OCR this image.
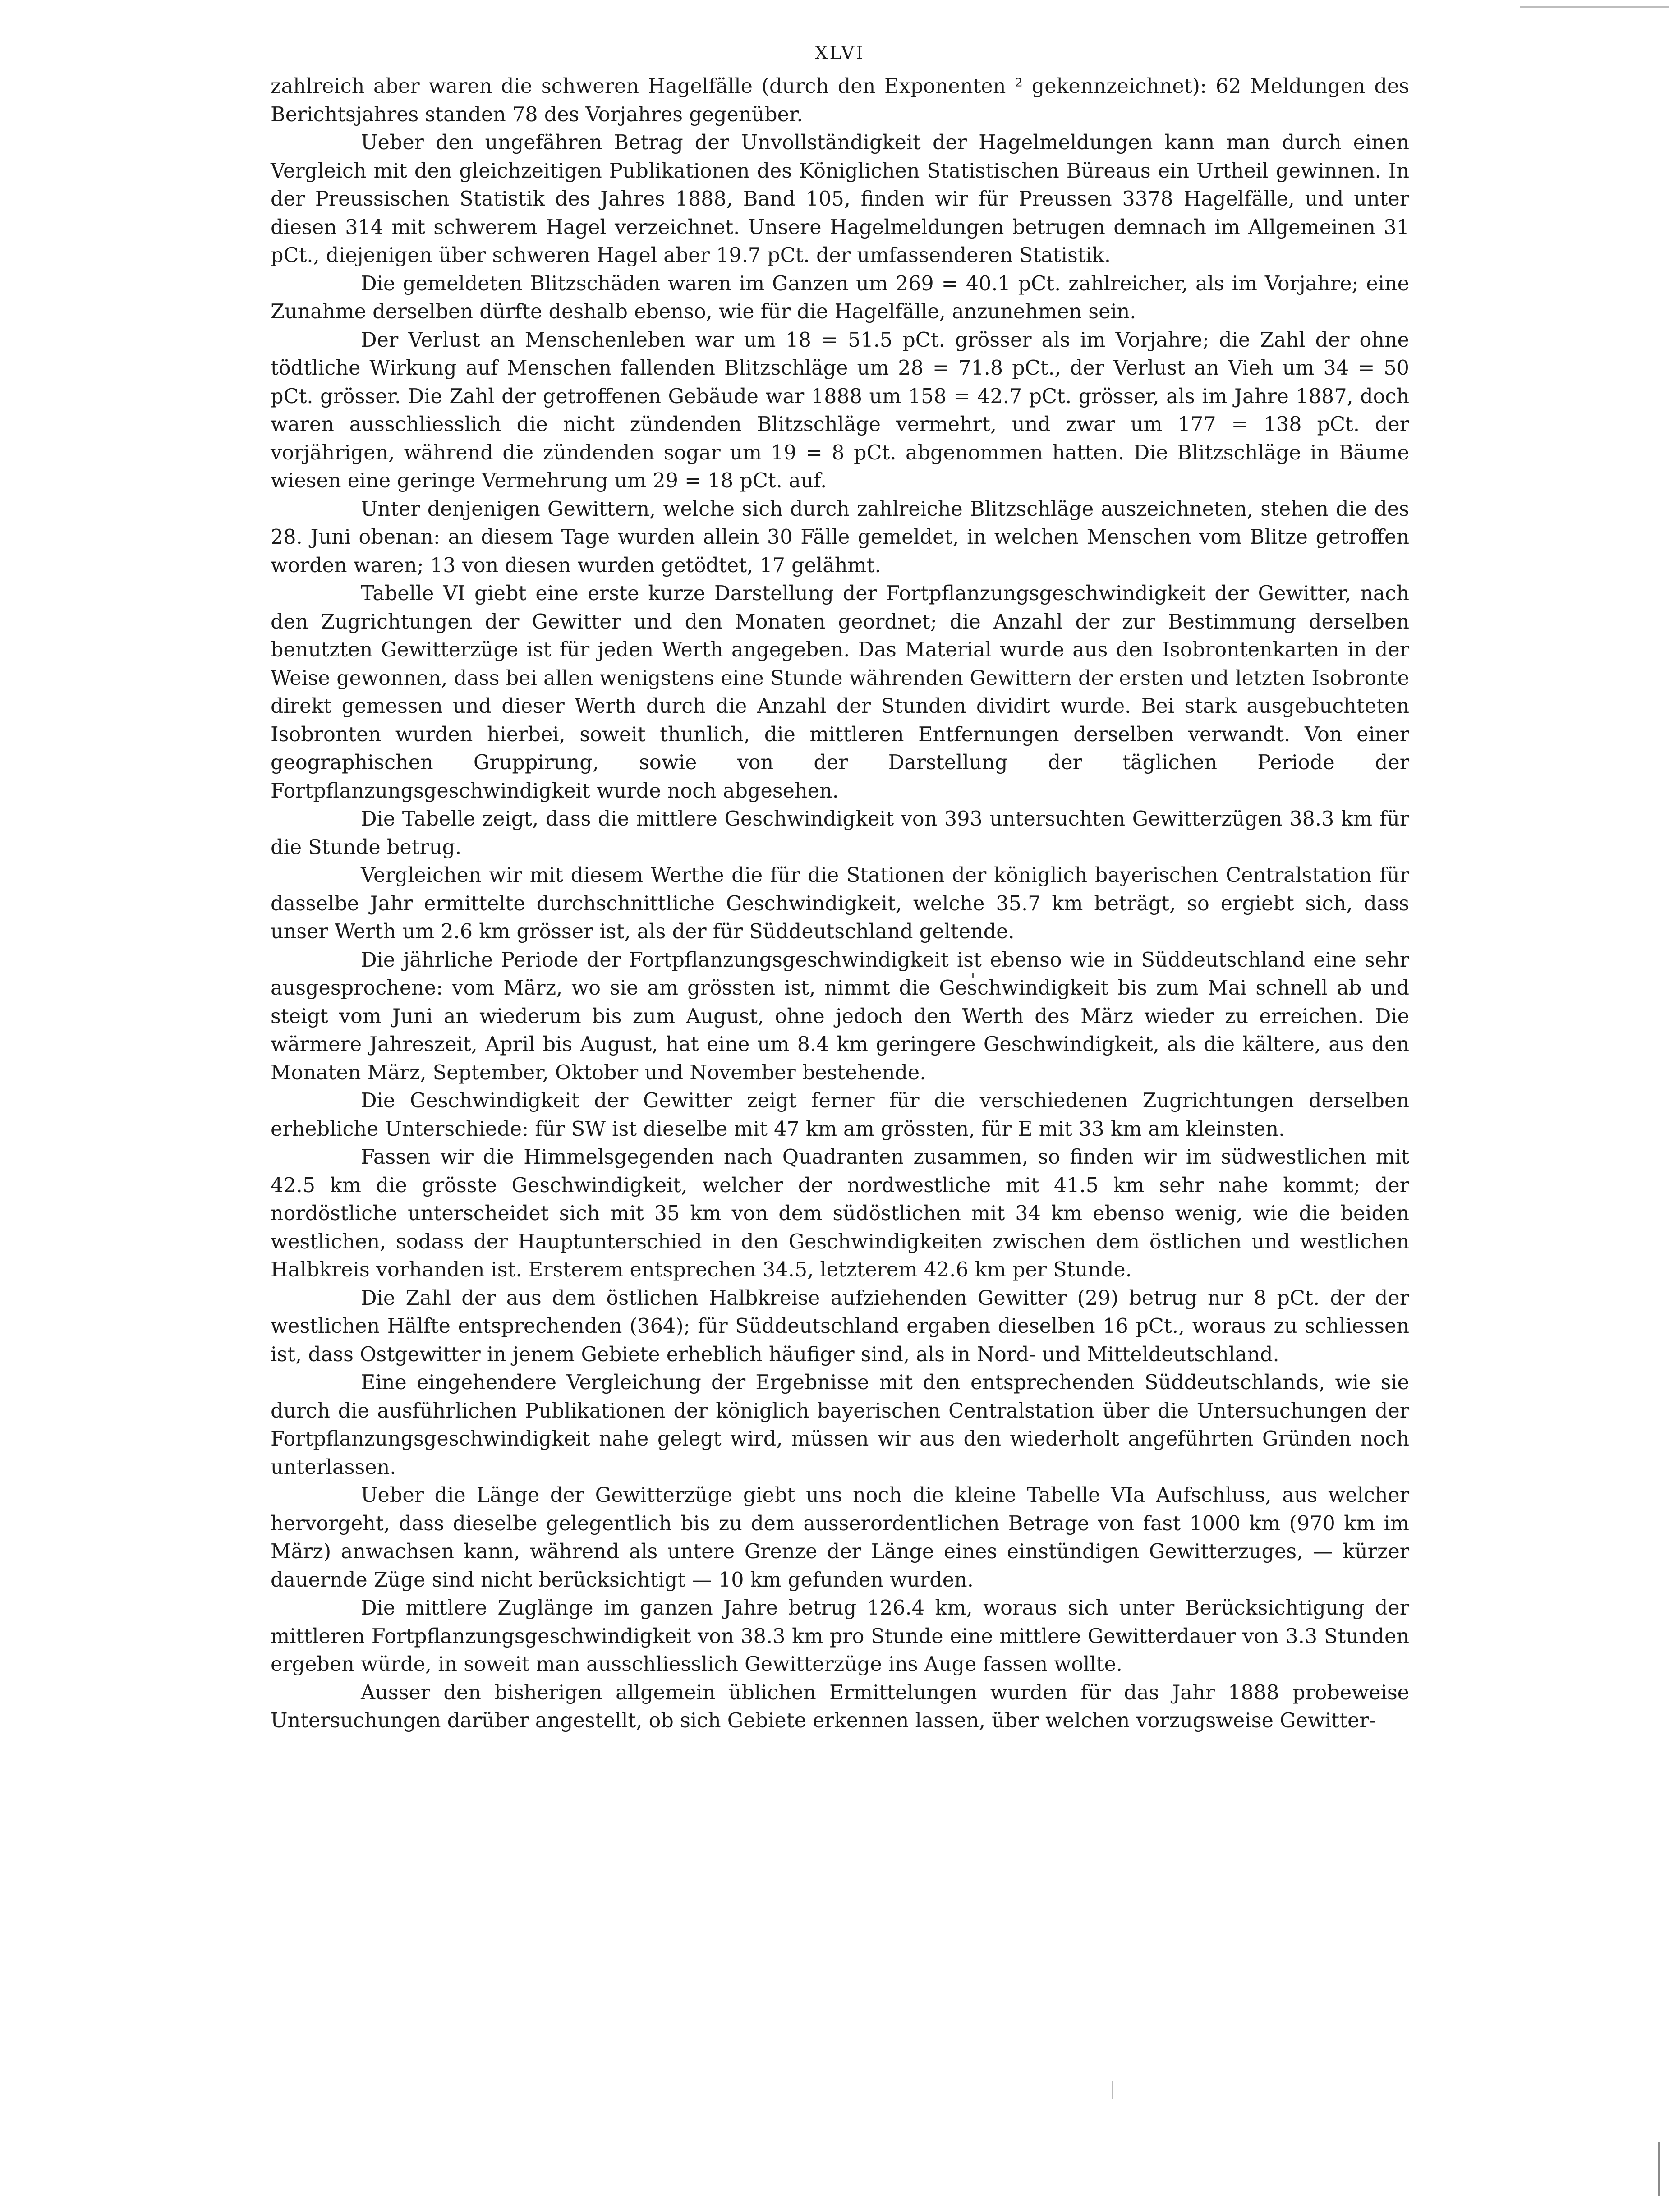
XLVI

zahlreich aber waren die schweren Hagelfälle (durch den Exponenten ² gekennzeichnet): 62 Meldungen des Berichtsjahres standen 78 des Vorjahres gegenüber.

Ueber den ungefähren Betrag der Unvollständigkeit der Hagelmeldungen kann man durch einen Vergleich mit den gleichzeitigen Publikationen des Königlichen Statistischen Büreaus ein Urtheil gewinnen. In der Preussischen Statistik des Jahres 1888, Band 105, finden wir für Preussen 3378 Hagelfälle, und unter diesen 314 mit schwerem Hagel verzeichnet. Unsere Hagelmeldungen betrugen demnach im Allgemeinen 31 pCt., diejenigen über schweren Hagel aber 19.7 pCt. der umfassenderen Statistik.

Die gemeldeten Blitzschäden waren im Ganzen um 269 = 40.1 pCt. zahlreicher, als im Vorjahre; eine Zunahme derselben dürfte deshalb ebenso, wie für die Hagelfälle, anzunehmen sein.

Der Verlust an Menschenleben war um 18 = 51.5 pCt. grösser als im Vorjahre; die Zahl der ohne tödtliche Wirkung auf Menschen fallenden Blitzschläge um 28 = 71.8 pCt., der Verlust an Vieh um 34 = 50 pCt. grösser. Die Zahl der getroffenen Gebäude war 1888 um 158 = 42.7 pCt. grösser, als im Jahre 1887, doch waren ausschliesslich die nicht zündenden Blitzschläge vermehrt, und zwar um 177 = 138 pCt. der vorjährigen, während die zündenden sogar um 19 = 8 pCt. abgenommen hatten. Die Blitzschläge in Bäume wiesen eine geringe Vermehrung um 29 = 18 pCt. auf.

Unter denjenigen Gewittern, welche sich durch zahlreiche Blitzschläge auszeichneten, stehen die des 28. Juni obenan: an diesem Tage wurden allein 30 Fälle gemeldet, in welchen Menschen vom Blitze getroffen worden waren; 13 von diesen wurden getödtet, 17 gelähmt.

Tabelle VI giebt eine erste kurze Darstellung der Fortpflanzungsgeschwindigkeit der Gewitter, nach den Zugrichtungen der Gewitter und den Monaten geordnet; die Anzahl der zur Bestimmung derselben benutzten Gewitterzüge ist für jeden Werth angegeben. Das Material wurde aus den Isobrontenkarten in der Weise gewonnen, dass bei allen wenigstens eine Stunde währenden Gewittern der ersten und letzten Isobronte direkt gemessen und dieser Werth durch die Anzahl der Stunden dividirt wurde. Bei stark ausgebuchteten Isobronten wurden hierbei, soweit thunlich, die mittleren Entfernungen derselben verwandt. Von einer geographischen Gruppirung, sowie von der Darstellung der täglichen Periode der Fortpflanzungsgeschwindigkeit wurde noch abgesehen.

Die Tabelle zeigt, dass die mittlere Geschwindigkeit von 393 untersuchten Gewitterzügen 38.3 km für die Stunde betrug.

Vergleichen wir mit diesem Werthe die für die Stationen der königlich bayerischen Centralstation für dasselbe Jahr ermittelte durchschnittliche Geschwindigkeit, welche 35.7 km beträgt, so ergiebt sich, dass unser Werth um 2.6 km grösser ist, als der für Süddeutschland geltende.

Die jährliche Periode der Fortpflanzungsgeschwindigkeit ist ebenso wie in Süddeutschland eine sehr ausgesprochene: vom März, wo sie am grössten ist, nimmt die Geschwindigkeit bis zum Mai schnell ab und steigt vom Juni an wiederum bis zum August, ohne jedoch den Werth des März wieder zu erreichen. Die wärmere Jahreszeit, April bis August, hat eine um 8.4 km geringere Geschwindigkeit, als die kältere, aus den Monaten März, September, Oktober und November bestehende.

Die Geschwindigkeit der Gewitter zeigt ferner für die verschiedenen Zugrichtungen derselben erhebliche Unterschiede: für SW ist dieselbe mit 47 km am grössten, für E mit 33 km am kleinsten.

Fassen wir die Himmelsgegenden nach Quadranten zusammen, so finden wir im südwestlichen mit 42.5 km die grösste Geschwindigkeit, welcher der nordwestliche mit 41.5 km sehr nahe kommt; der nordöstliche unterscheidet sich mit 35 km von dem südöstlichen mit 34 km ebenso wenig, wie die beiden westlichen, sodass der Hauptunterschied in den Geschwindigkeiten zwischen dem östlichen und westlichen Halbkreis vorhanden ist. Ersterem entsprechen 34.5, letzterem 42.6 km per Stunde.

Die Zahl der aus dem östlichen Halbkreise aufziehenden Gewitter (29) betrug nur 8 pCt. der der westlichen Hälfte entsprechenden (364); für Süddeutschland ergaben dieselben 16 pCt., woraus zu schliessen ist, dass Ostgewitter in jenem Gebiete erheblich häufiger sind, als in Nord- und Mitteldeutschland.

Eine eingehendere Vergleichung der Ergebnisse mit den entsprechenden Süddeutschlands, wie sie durch die ausführlichen Publikationen der königlich bayerischen Centralstation über die Untersuchungen der Fortpflanzungsgeschwindigkeit nahe gelegt wird, müssen wir aus den wiederholt angeführten Gründen noch unterlassen.

Ueber die Länge der Gewitterzüge giebt uns noch die kleine Tabelle VIa Aufschluss, aus welcher hervorgeht, dass dieselbe gelegentlich bis zu dem ausserordentlichen Betrage von fast 1000 km (970 km im März) anwachsen kann, während als untere Grenze der Länge eines einstündigen Gewitterzuges, — kürzer dauernde Züge sind nicht berücksichtigt — 10 km gefunden wurden.

Die mittlere Zuglänge im ganzen Jahre betrug 126.4 km, woraus sich unter Berücksichtigung der mittleren Fortpflanzungsgeschwindigkeit von 38.3 km pro Stunde eine mittlere Gewitterdauer von 3.3 Stunden ergeben würde, in soweit man ausschliesslich Gewitterzüge ins Auge fassen wollte.

Ausser den bisherigen allgemein üblichen Ermittelungen wurden für das Jahr 1888 probeweise Untersuchungen darüber angestellt, ob sich Gebiete erkennen lassen, über welchen vorzugsweise Gewitter-
